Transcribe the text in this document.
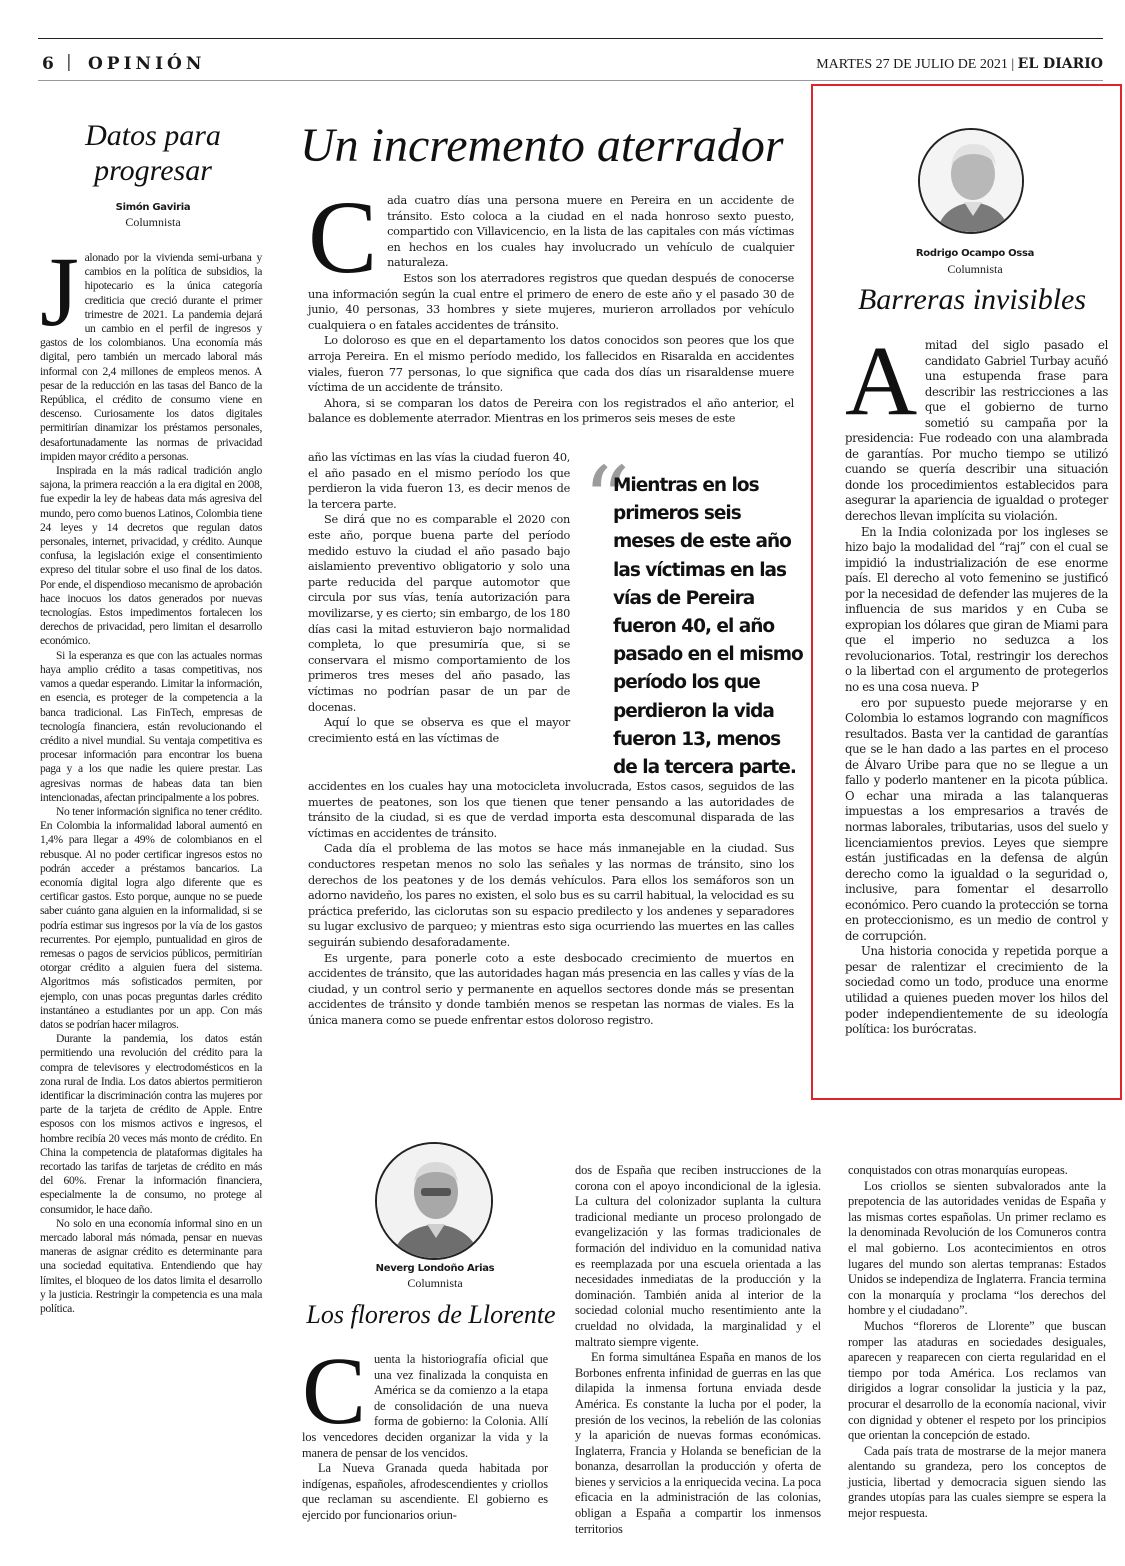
6 | OPINIÓN	MARTES 27 DE JULIO DE 2021 | EL DIARIO
Datos para
progresar
Simón Gaviria
Columnista
J alonado por la vivienda semi-urbana y cambios en la política de subsidios, la hipotecario es la única categoría crediticia que creció durante el primer trimestre de 2021. La pandemia dejará un cambio en el perfil de ingresos y gastos de los colombianos. Una economía más digital, pero también un mercado laboral más informal con 2,4 millones de empleos menos. A pesar de la reducción en las tasas del Banco de la República, el crédito de consumo viene en descenso. Curiosamente los datos digitales permitirían dinamizar los préstamos personales, desafortunadamente las normas de privacidad impiden mayor crédito a personas.

Inspirada en la más radical tradición anglo sajona, la primera reacción a la era digital en 2008, fue expedir la ley de habeas data más agresiva del mundo, pero como buenos Latinos, Colombia tiene 24 leyes y 14 decretos que regulan datos personales, internet, privacidad, y crédito. Aunque confusa, la legislación exige el consentimiento expreso del titular sobre el uso final de los datos. Por ende, el dispendioso mecanismo de aprobación hace inocuos los datos generados por nuevas tecnologías. Estos impedimentos fortalecen los derechos de privacidad, pero limitan el desarrollo económico.

Si la esperanza es que con las actuales normas haya amplio crédito a tasas competitivas, nos vamos a quedar esperando. Limitar la información, en esencia, es proteger de la competencia a la banca tradicional. Las FinTech, empresas de tecnología financiera, están revolucionando el crédito a nivel mundial. Su ventaja competitiva es procesar información para encontrar los buena paga y a los que nadie les quiere prestar. Las agresivas normas de habeas data tan bien intencionadas, afectan principalmente a los pobres.

No tener información significa no tener crédito. En Colombia la informalidad laboral aumentó en 1,4% para llegar a 49% de colombianos en el rebusque. Al no poder certificar ingresos estos no podrán acceder a préstamos bancarios. La economía digital logra algo diferente que es certificar gastos. Esto porque, aunque no se puede saber cuánto gana alguien en la informalidad, si se podría estimar sus ingresos por la vía de los gastos recurrentes. Por ejemplo, puntualidad en giros de remesas o pagos de servicios públicos, permitirían otorgar crédito a alguien fuera del sistema. Algoritmos más sofisticados permiten, por ejemplo, con unas pocas preguntas darles crédito instantáneo a estudiantes por un app. Con más datos se podrían hacer milagros.

Durante la pandemia, los datos están permitiendo una revolución del crédito para la compra de televisores y electrodomésticos en la zona rural de India. Los datos abiertos permitieron identificar la discriminación contra las mujeres por parte de la tarjeta de crédito de Apple. Entre esposos con los mismos activos e ingresos, el hombre recibía 20 veces más monto de crédito. En China la competencia de plataformas digitales ha recortado las tarifas de tarjetas de crédito en más del 60%. Frenar la información financiera, especialmente la de consumo, no protege al consumidor, le hace daño.

No solo en una economía informal sino en un mercado laboral más nómada, pensar en nuevas maneras de asignar crédito es determinante para una sociedad equitativa. Entendiendo que hay límites, el bloqueo de los datos limita el desarrollo y la justicia. Restringir la competencia es una mala política.

Un incremento aterrador
C ada cuatro días una persona muere en Pereira en un accidente de tránsito. Esto coloca a la ciudad en el nada honroso sexto puesto, compartido con Villavicencio, en la lista de las capitales con más víctimas en hechos en los cuales hay involucrado un vehículo de cualquier naturaleza.

Estos son los aterradores registros que quedan después de conocerse una información según la cual entre el primero de enero de este año y el pasado 30 de junio, 40 personas, 33 hombres y siete mujeres, murieron arrollados por vehículo cualquiera o en fatales accidentes de tránsito.

Lo doloroso es que en el departamento los datos conocidos son peores que los que arroja Pereira. En el mismo período medido, los fallecidos en Risaralda en accidentes viales, fueron 77 personas, lo que significa que cada dos días un risaraldense muere víctima de un accidente de tránsito.

Ahora, si se comparan los datos de Pereira con los registrados el año anterior, el balance es doblemente aterrador. Mientras en los primeros seis meses de este

año las víctimas en las vías la ciudad fueron 40, el año pasado en el mismo período los que perdieron la vida fueron 13, es decir menos de la tercera parte.

Se dirá que no es comparable el 2020 con este año, porque buena parte del período medido estuvo la ciudad el año pasado bajo aislamiento preventivo obligatorio y solo una parte reducida del parque automotor que circula por sus vías, tenía autorización para movilizarse, y es cierto; sin embargo, de los 180 días casi la mitad estuvieron bajo normalidad completa, lo que presumiría que, si se conservara el mismo comportamiento de los primeros tres meses del año pasado, las víctimas no podrían pasar de un par de docenas.

Aquí lo que se observa es que el mayor crecimiento está en las víctimas de

“
Mientras en los primeros seis meses de este año las víctimas en las vías de Pereira fueron 40, el año pasado en el mismo período los que perdieron la vida fueron 13, menos de la tercera parte.

accidentes en los cuales hay una motocicleta involucrada, Estos casos, seguidos de las muertes de peatones, son los que tienen que tener pensando a las autoridades de tránsito de la ciudad, si es que de verdad importa esta descomunal disparada de las víctimas en accidentes de tránsito.

Cada día el problema de las motos se hace más inmanejable en la ciudad. Sus conductores respetan menos no solo las señales y las normas de tránsito, sino los derechos de los peatones y de los demás vehículos. Para ellos los semáforos son un adorno navideño, los pares no existen, el solo bus es su carril habitual, la velocidad es su práctica preferido, las ciclorutas son su espacio predilecto y los andenes y separadores su lugar exclusivo de parqueo; y mientras esto siga ocurriendo las muertes en las calles seguirán subiendo desaforadamente.

Es urgente, para ponerle coto a este desbocado crecimiento de muertos en accidentes de tránsito, que las autoridades hagan más presencia en las calles y vías de la ciudad, y un control serio y permanente en aquellos sectores donde más se presentan accidentes de tránsito y donde también menos se respetan las normas de viales. Es la única manera como se puede enfrentar estos doloroso registro.

Rodrigo Ocampo Ossa
Columnista
Barreras invisibles
A mitad del siglo pasado el candidato Gabriel Turbay acuñó una estupenda frase para describir las restricciones a las que el gobierno de turno sometió su campaña por la presidencia: Fue rodeado con una alambrada de garantías. Por mucho tiempo se utilizó cuando se quería describir una situación donde los procedimientos establecidos para asegurar la apariencia de igualdad o proteger derechos llevan implícita su violación.

En la India colonizada por los ingleses se hizo bajo la modalidad del “raj” con el cual se impidió la industrialización de ese enorme país. El derecho al voto femenino se justificó por la necesidad de defender las mujeres de la influencia de sus maridos y en Cuba se expropian los dólares que giran de Miami para que el imperio no seduzca a los revolucionarios. Total, restringir los derechos o la libertad con el argumento de protegerlos no es una cosa nueva. P

ero por supuesto puede mejorarse y en Colombia lo estamos logrando con magníficos resultados. Basta ver la cantidad de garantías que se le han dado a las partes en el proceso de Álvaro Uribe para que no se llegue a un fallo y poderlo mantener en la picota pública. O echar una mirada a las talanqueras impuestas a los empresarios a través de normas laborales, tributarias, usos del suelo y licenciamientos previos. Leyes que siempre están justificadas en la defensa de algún derecho como la igualdad o la seguridad o, inclusive, para fomentar el desarrollo económico. Pero cuando la protección se torna en proteccionismo, es un medio de control y de corrupción.

Una historia conocida y repetida porque a pesar de ralentizar el crecimiento de la sociedad como un todo, produce una enorme utilidad a quienes pueden mover los hilos del poder independientemente de su ideología política: los burócratas.

Neverg Londoño Arias
Columnista
Los floreros de Llorente
C uenta la historiografía oficial que una vez finalizada la conquista en América se da comienzo a la etapa de consolidación de una nueva forma de gobierno: la Colonia. Allí los vencedores deciden organizar la vida y la manera de pensar de los vencidos.

La Nueva Granada queda habitada por indígenas, españoles, afrodescendientes y criollos que reclaman su ascendiente. El gobierno es ejercido por funcionarios oriun-

dos de España que reciben instrucciones de la corona con el apoyo incondicional de la iglesia. La cultura del colonizador suplanta la cultura tradicional mediante un proceso prolongado de evangelización y las formas tradicionales de formación del individuo en la comunidad nativa es reemplazada por una escuela orientada a las necesidades inmediatas de la producción y la dominación. También anida al interior de la sociedad colonial mucho resentimiento ante la crueldad no olvidada, la marginalidad y el maltrato siempre vigente.

En forma simultánea España en manos de los Borbones enfrenta infinidad de guerras en las que dilapida la inmensa fortuna enviada desde América. Es constante la lucha por el poder, la presión de los vecinos, la rebelión de las colonias y la aparición de nuevas formas económicas. Inglaterra, Francia y Holanda se benefician de la bonanza, desarrollan la producción y oferta de bienes y servicios a la enriquecida vecina. La poca eficacia en la administración de las colonias, obligan a España a compartir los inmensos territorios

conquistados con otras monarquías europeas.

Los criollos se sienten subvalorados ante la prepotencia de las autoridades venidas de España y las mismas cortes españolas. Un primer reclamo es la denominada Revolución de los Comuneros contra el mal gobierno. Los acontecimientos en otros lugares del mundo son alertas tempranas: Estados Unidos se independiza de Inglaterra. Francia termina con la monarquía y proclama “los derechos del hombre y el ciudadano”.

Muchos “floreros de Llorente” que buscan romper las ataduras en sociedades desiguales, aparecen y reaparecen con cierta regularidad en el tiempo por toda América. Los reclamos van dirigidos a lograr consolidar la justicia y la paz, procurar el desarrollo de la economía nacional, vivir con dignidad y obtener el respeto por los principios que orientan la concepción de estado.

Cada país trata de mostrarse de la mejor manera alentando su grandeza, pero los conceptos de justicia, libertad y democracia siguen siendo las grandes utopías para las cuales siempre se espera la mejor respuesta.
